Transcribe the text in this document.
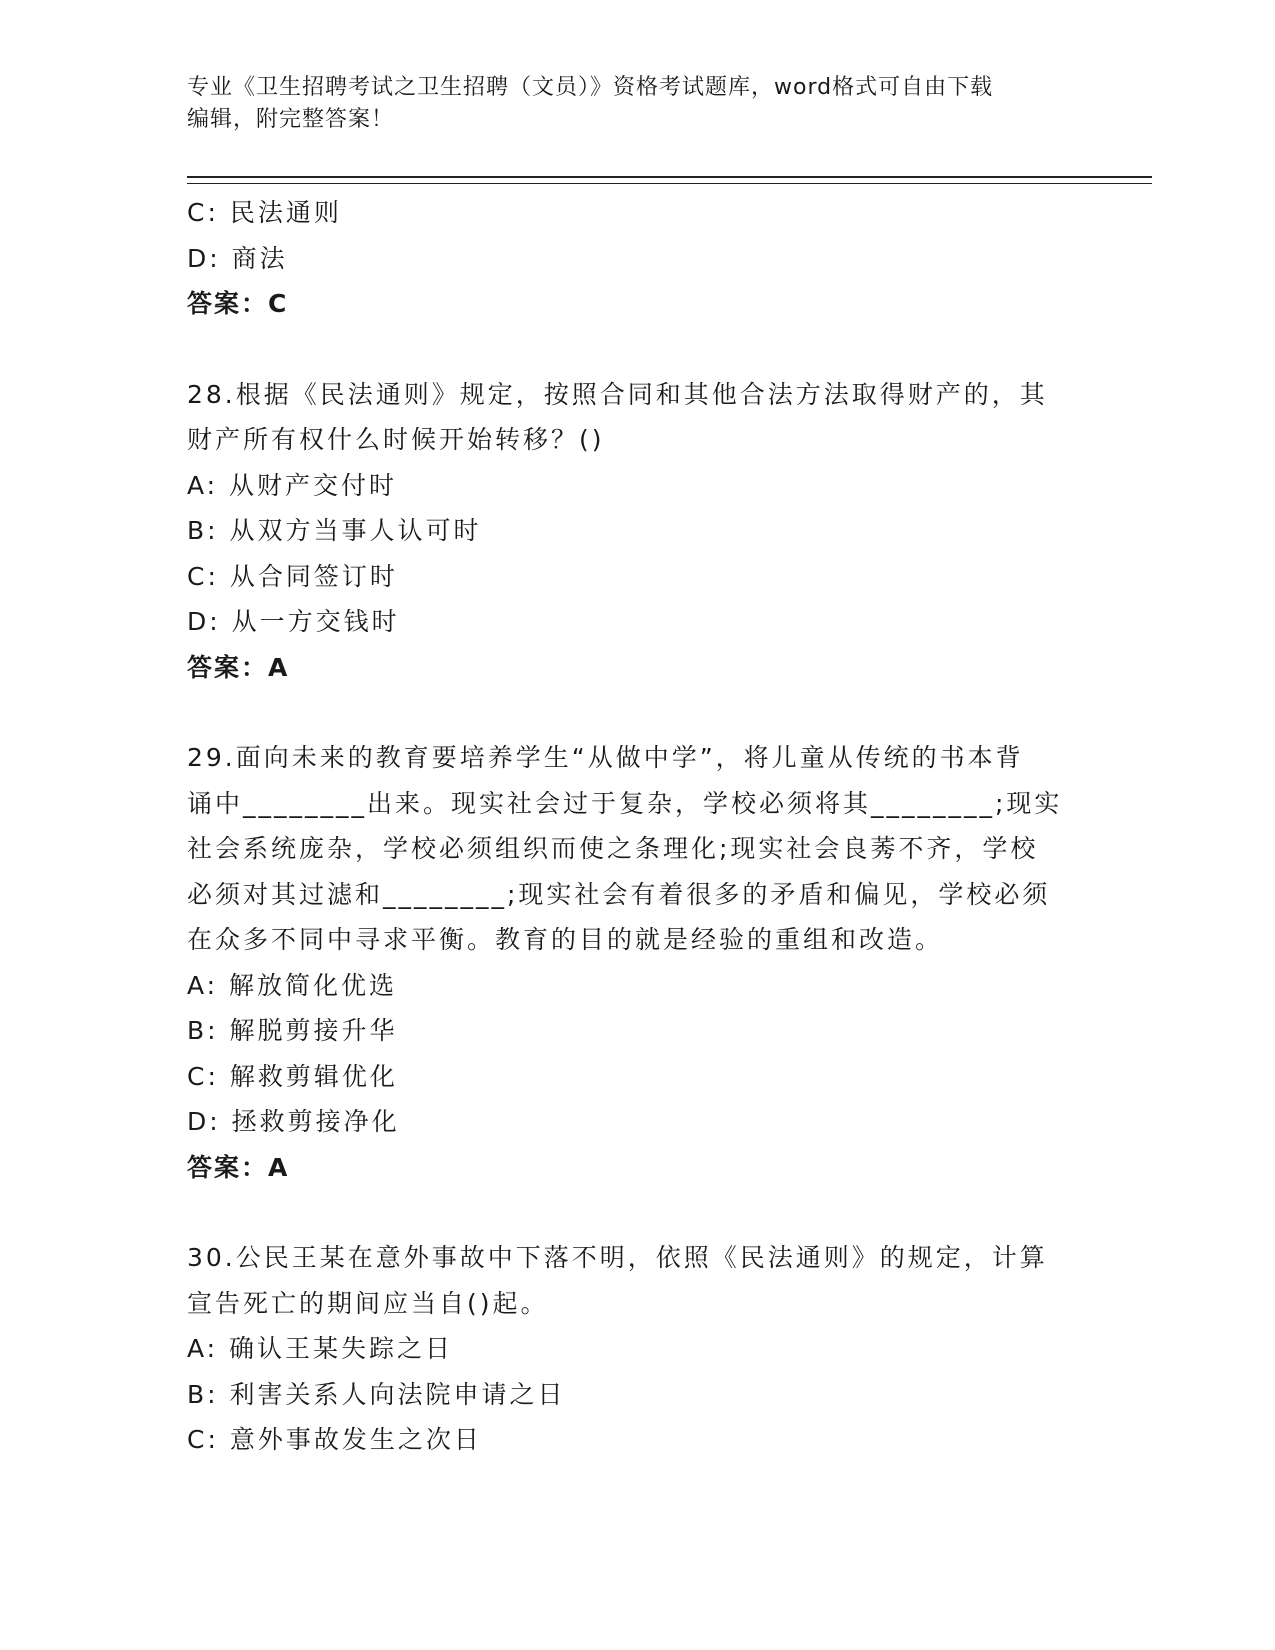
专业《卫生招聘考试之卫生招聘（文员）》资格考试题库，word格式可自由下载
编辑，附完整答案！
C: 民法通则
D: 商法
答案：C
28.根据《民法通则》规定，按照合同和其他合法方法取得财产的，其
财产所有权什么时候开始转移？()
A: 从财产交付时
B: 从双方当事人认可时
C: 从合同签订时
D: 从一方交钱时
答案：A
29.面向未来的教育要培养学生“从做中学”，将儿童从传统的书本背
诵中________出来。现实社会过于复杂，学校必须将其________;现实
社会系统庞杂，学校必须组织而使之条理化;现实社会良莠不齐，学校
必须对其过滤和________;现实社会有着很多的矛盾和偏见，学校必须
在众多不同中寻求平衡。教育的目的就是经验的重组和改造。
A: 解放简化优选
B: 解脱剪接升华
C: 解救剪辑优化
D: 拯救剪接净化
答案：A
30.公民王某在意外事故中下落不明，依照《民法通则》的规定，计算
宣告死亡的期间应当自()起。
A: 确认王某失踪之日
B: 利害关系人向法院申请之日
C: 意外事故发生之次日
